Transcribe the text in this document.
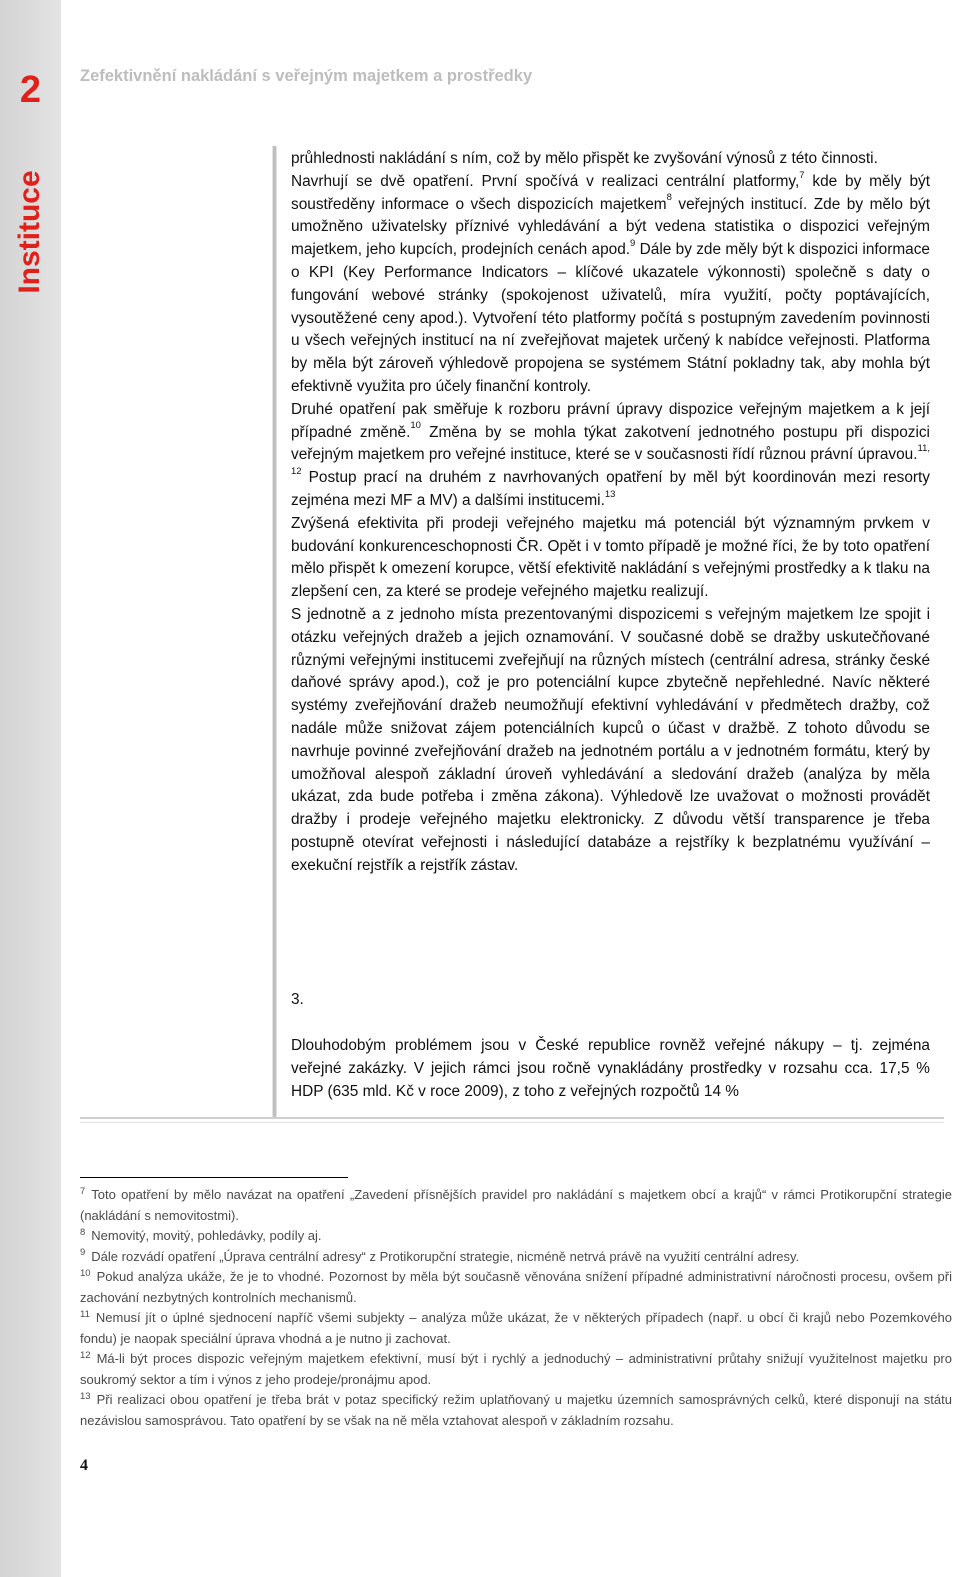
2
Instituce
Zefektivnění nakládání s veřejným majetkem a prostředky

průhlednosti nakládání s ním, což by mělo přispět ke zvyšování výnosů z této činnosti.

Navrhují se dvě opatření. První spočívá v realizaci centrální platformy,$^7$ kde by měly být soustředěny informace o všech dispozicích majetkem$^8$ veřejných institucí. Zde by mělo být umožněno uživatelsky příznivé vyhledávání a být vedena statistika o dispozici veřejným majetkem, jeho kupcích, prodejních cenách apod.$^9$ Dále by zde měly být k dispozici informace o KPI (Key Performance Indicators – klíčové ukazatele výkonnosti) společně s daty o fungování webové stránky (spokojenost uživatelů, míra využití, počty poptávajících, vysoutěžené ceny apod.). Vytvoření této platformy počítá s postupným zavedením povinnosti u všech veřejných institucí na ní zveřejňovat majetek určený k nabídce veřejnosti. Platforma by měla být zároveň výhledově propojena se systémem Státní pokladny tak, aby mohla být efektivně využita pro účely finanční kontroly.

Druhé opatření pak směřuje k rozboru právní úpravy dispozice veřejným majetkem a k její případné změně.$^{10}$ Změna by se mohla týkat zakotvení jednotného postupu při dispozici veřejným majetkem pro veřejné instituce, které se v současnosti řídí různou právní úpravou.$^{11, 12}$ Postup prací na druhém z navrhovaných opatření by měl být koordinován mezi resorty zejména mezi MF a MV) a dalšími institucemi.$^{13}$

Zvýšená efektivita při prodeji veřejného majetku má potenciál být významným prvkem v budování konkurenceschopnosti ČR. Opět i v tomto případě je možné říci, že by toto opatření mělo přispět k omezení korupce, větší efektivitě nakládání s veřejnými prostředky a k tlaku na zlepšení cen, za které se prodeje veřejného majetku realizují.

S jednotně a z jednoho místa prezentovanými dispozicemi s veřejným majetkem lze spojit i otázku veřejných dražeb a jejich oznamování. V současné době se dražby uskutečňované různými veřejnými institucemi zveřejňují na různých místech (centrální adresa, stránky české daňové správy apod.), což je pro potenciální kupce zbytečně nepřehledné. Navíc některé systémy zveřejňování dražeb neumožňují efektivní vyhledávání v předmětech dražby, což nadále může snižovat zájem potenciálních kupců o účast v dražbě. Z tohoto důvodu se navrhuje povinné zveřejňování dražeb na jednotném portálu a v jednotném formátu, který by umožňoval alespoň základní úroveň vyhledávání a sledování dražeb (analýza by měla ukázat, zda bude potřeba i změna zákona). Výhledově lze uvažovat o možnosti provádět dražby i prodeje veřejného majetku elektronicky. Z důvodu větší transparence je třeba postupně otevírat veřejnosti i následující databáze a rejstříky k bezplatnému využívání – exekuční rejstřík a rejstřík zástav.

3.
Dlouhodobým problémem jsou v České republice rovněž veřejné nákupy – tj. zejména veřejné zakázky. V jejich rámci jsou ročně vynakládány prostředky v rozsahu cca. 17,5 % HDP (635 mld. Kč v roce 2009), z toho z veřejných rozpočtů 14 %

$^7$ Toto opatření by mělo navázat na opatření „Zavedení přísnějších pravidel pro nakládání s majetkem obcí a krajů“ v rámci Protikorupční strategie (nakládání s nemovitostmi).

$^8$ Nemovitý, movitý, pohledávky, podíly aj.

$^9$ Dále rozvádí opatření „Úprava centrální adresy“ z Protikorupční strategie, nicméně netrvá právě na využití centrální adresy.

$^{10}$ Pokud analýza ukáže, že je to vhodné. Pozornost by měla být současně věnována snížení případné administrativní náročnosti procesu, ovšem při zachování nezbytných kontrolních mechanismů.

$^{11}$ Nemusí jít o úplné sjednocení napříč všemi subjekty – analýza může ukázat, že v některých případech (např. u obcí či krajů nebo Pozemkového fondu) je naopak speciální úprava vhodná a je nutno ji zachovat.

$^{12}$ Má-li být proces dispozic veřejným majetkem efektivní, musí být i rychlý a jednoduchý – administrativní průtahy snižují využitelnost majetku pro soukromý sektor a tím i výnos z jeho prodeje/pronájmu apod.

$^{13}$ Při realizaci obou opatření je třeba brát v potaz specifický režim uplatňovaný u majetku územních samosprávných celků, které disponují na státu nezávislou samosprávou. Tato opatření by se však na ně měla vztahovat alespoň v základním rozsahu.

4
